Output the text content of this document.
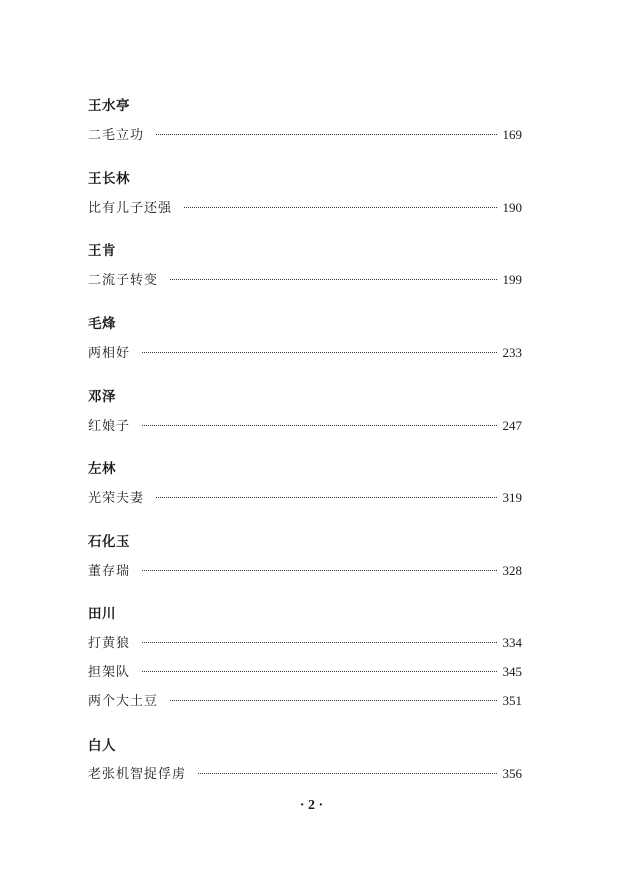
王水亭
二毛立功	169
王长林
比有儿子还强	190
王肯
二流子转变	199
毛烽
两相好	233
邓泽
红娘子	247
左林
光荣夫妻	319
石化玉
董存瑞	328
田川
打黄狼	334
担架队	345
两个大土豆	351
白人
老张机智捉俘虏	356
· 2 ·
